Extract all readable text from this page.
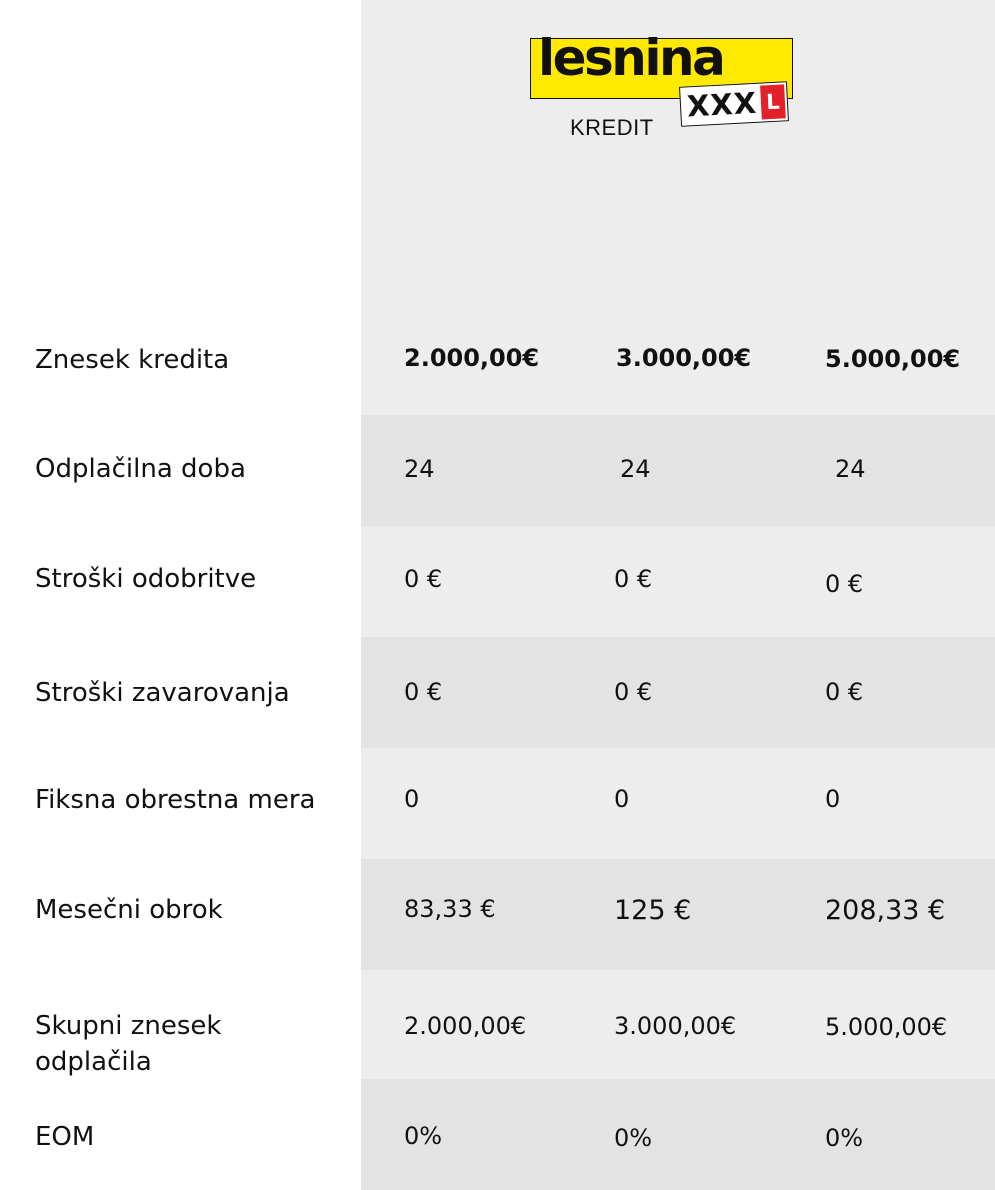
lesnina
XXX L
KREDIT
Znesek kredita	2.000,00€	3.000,00€	5.000,00€
Odplačilna doba	24	24	24
Stroški odobritve	0 €	0 €	0 €
Stroški zavarovanja	0 €	0 €	0 €
Fiksna obrestna mera	0	0	0
Mesečni obrok	83,33 €	125 €	208,33 €
Skupni znesek
odplačila
2.000,00€	3.000,00€	5.000,00€
EOM	0%	0%	0%
